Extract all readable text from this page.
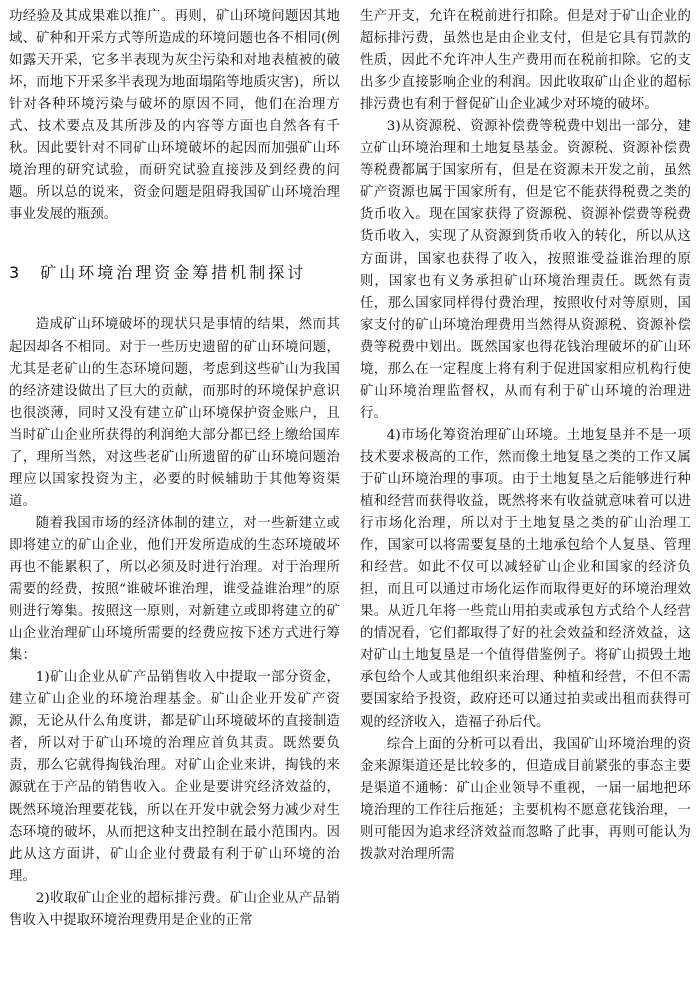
功经验及其成果难以推广。再则，矿山环境问题因其地域、矿种和开采方式等所造成的环境问题也各不相同(例如露天开采，它多半表现为灰尘污染和对地表植被的破坏，而地下开采多半表现为地面塌陷等地质灾害)，所以针对各种环境污染与破坏的原因不同，他们在治理方式、技术要点及其所涉及的内容等方面也自然各有千秋。因此要针对不同矿山环境破坏的起因而加强矿山环境治理的研究试验，而研究试验直接涉及到经费的问题。所以总的说来，资金问题是阻碍我国矿山环境治理事业发展的瓶颈。

3 矿山环境治理资金筹措机制探讨

造成矿山环境破坏的现状只是事情的结果，然而其起因却各不相同。对于一些历史遗留的矿山环境问题，尤其是老矿山的生态环境问题，考虑到这些矿山为我国的经济建设做出了巨大的贡献，而那时的环境保护意识也很淡薄，同时又没有建立矿山环境保护资金账户，且当时矿山企业所获得的利润绝大部分都已经上缴给国库了，理所当然，对这些老矿山所遗留的矿山环境问题治理应以国家投资为主，必要的时候辅助于其他筹资渠道。

随着我国市场的经济体制的建立，对一些新建立或即将建立的矿山企业，他们开发所造成的生态环境破坏再也不能累积了，所以必须及时进行治理。对于治理所需要的经费，按照“谁破坏谁治理，谁受益谁治理”的原则进行筹集。按照这一原则，对新建立或即将建立的矿山企业治理矿山环境所需要的经费应按下述方式进行筹集：

1)矿山企业从矿产品销售收入中提取一部分资金，建立矿山企业的环境治理基金。矿山企业开发矿产资源，无论从什么角度讲，都是矿山环境破坏的直接制造者，所以对于矿山环境的治理应首负其责。既然要负责，那么它就得掏钱治理。对矿山企业来讲，掏钱的来源就在于产品的销售收入。企业是要讲究经济效益的，既然环境治理要花钱，所以在开发中就会努力减少对生态环境的破坏，从而把这种支出控制在最小范围内。因此从这方面讲，矿山企业付费最有利于矿山环境的治理。

2)收取矿山企业的超标排污费。矿山企业从产品销售收入中提取环境治理费用是企业的正常

生产开支，允许在税前进行扣除。但是对于矿山企业的超标排污费，虽然也是由企业支付，但是它具有罚款的性质，因此不允许冲人生产费用而在税前扣除。它的支出多少直接影响企业的利润。因此收取矿山企业的超标排污费也有利于督促矿山企业减少对环境的破坏。

3)从资源税、资源补偿费等税费中划出一部分，建立矿山环境治理和土地复垦基金。资源税、资源补偿费等税费都属于国家所有，但是在资源未开发之前，虽然矿产资源也属于国家所有，但是它不能获得税费之类的货币收入。现在国家获得了资源税、资源补偿费等税费货币收入，实现了从资源到货币收入的转化，所以从这方面讲，国家也获得了收入，按照谁受益谁治理的原则，国家也有义务承担矿山环境治理责任。既然有责任，那么国家同样得付费治理，按照收付对等原则，国家支付的矿山环境治理费用当然得从资源税、资源补偿费等税费中划出。既然国家也得花钱治理破坏的矿山环境，那么在一定程度上将有利于促进国家相应机构行使矿山环境治理监督权，从而有利于矿山环境的治理进行。

4)市场化筹资治理矿山环境。土地复垦并不是一项技术要求极高的工作，然而像土地复垦之类的工作又属于矿山环境治理的事项。由于土地复垦之后能够进行种植和经营而获得收益，既然将来有收益就意味着可以进行市场化治理，所以对于土地复垦之类的矿山治理工作，国家可以将需要复垦的土地承包给个人复垦、管理和经营。如此不仅可以减轻矿山企业和国家的经济负担，而且可以通过市场化运作而取得更好的环境治理效果。从近几年将一些荒山用拍卖或承包方式给个人经营的情况看，它们都取得了好的社会效益和经济效益，这对矿山土地复垦是一个值得借鉴例子。将矿山损毁土地承包给个人或其他组织来治理、种植和经营，不但不需要国家给予投资，政府还可以通过拍卖或出租而获得可观的经济收入，造福子孙后代。

综合上面的分析可以看出，我国矿山环境治理的资金来源渠道还是比较多的，但造成目前紧张的事态主要是渠道不通畅：矿山企业领导不重视，一届一届地把环境治理的工作往后拖延；主要机构不愿意花钱治理，一则可能因为追求经济效益而忽略了此事，再则可能认为拨款对治理所需
